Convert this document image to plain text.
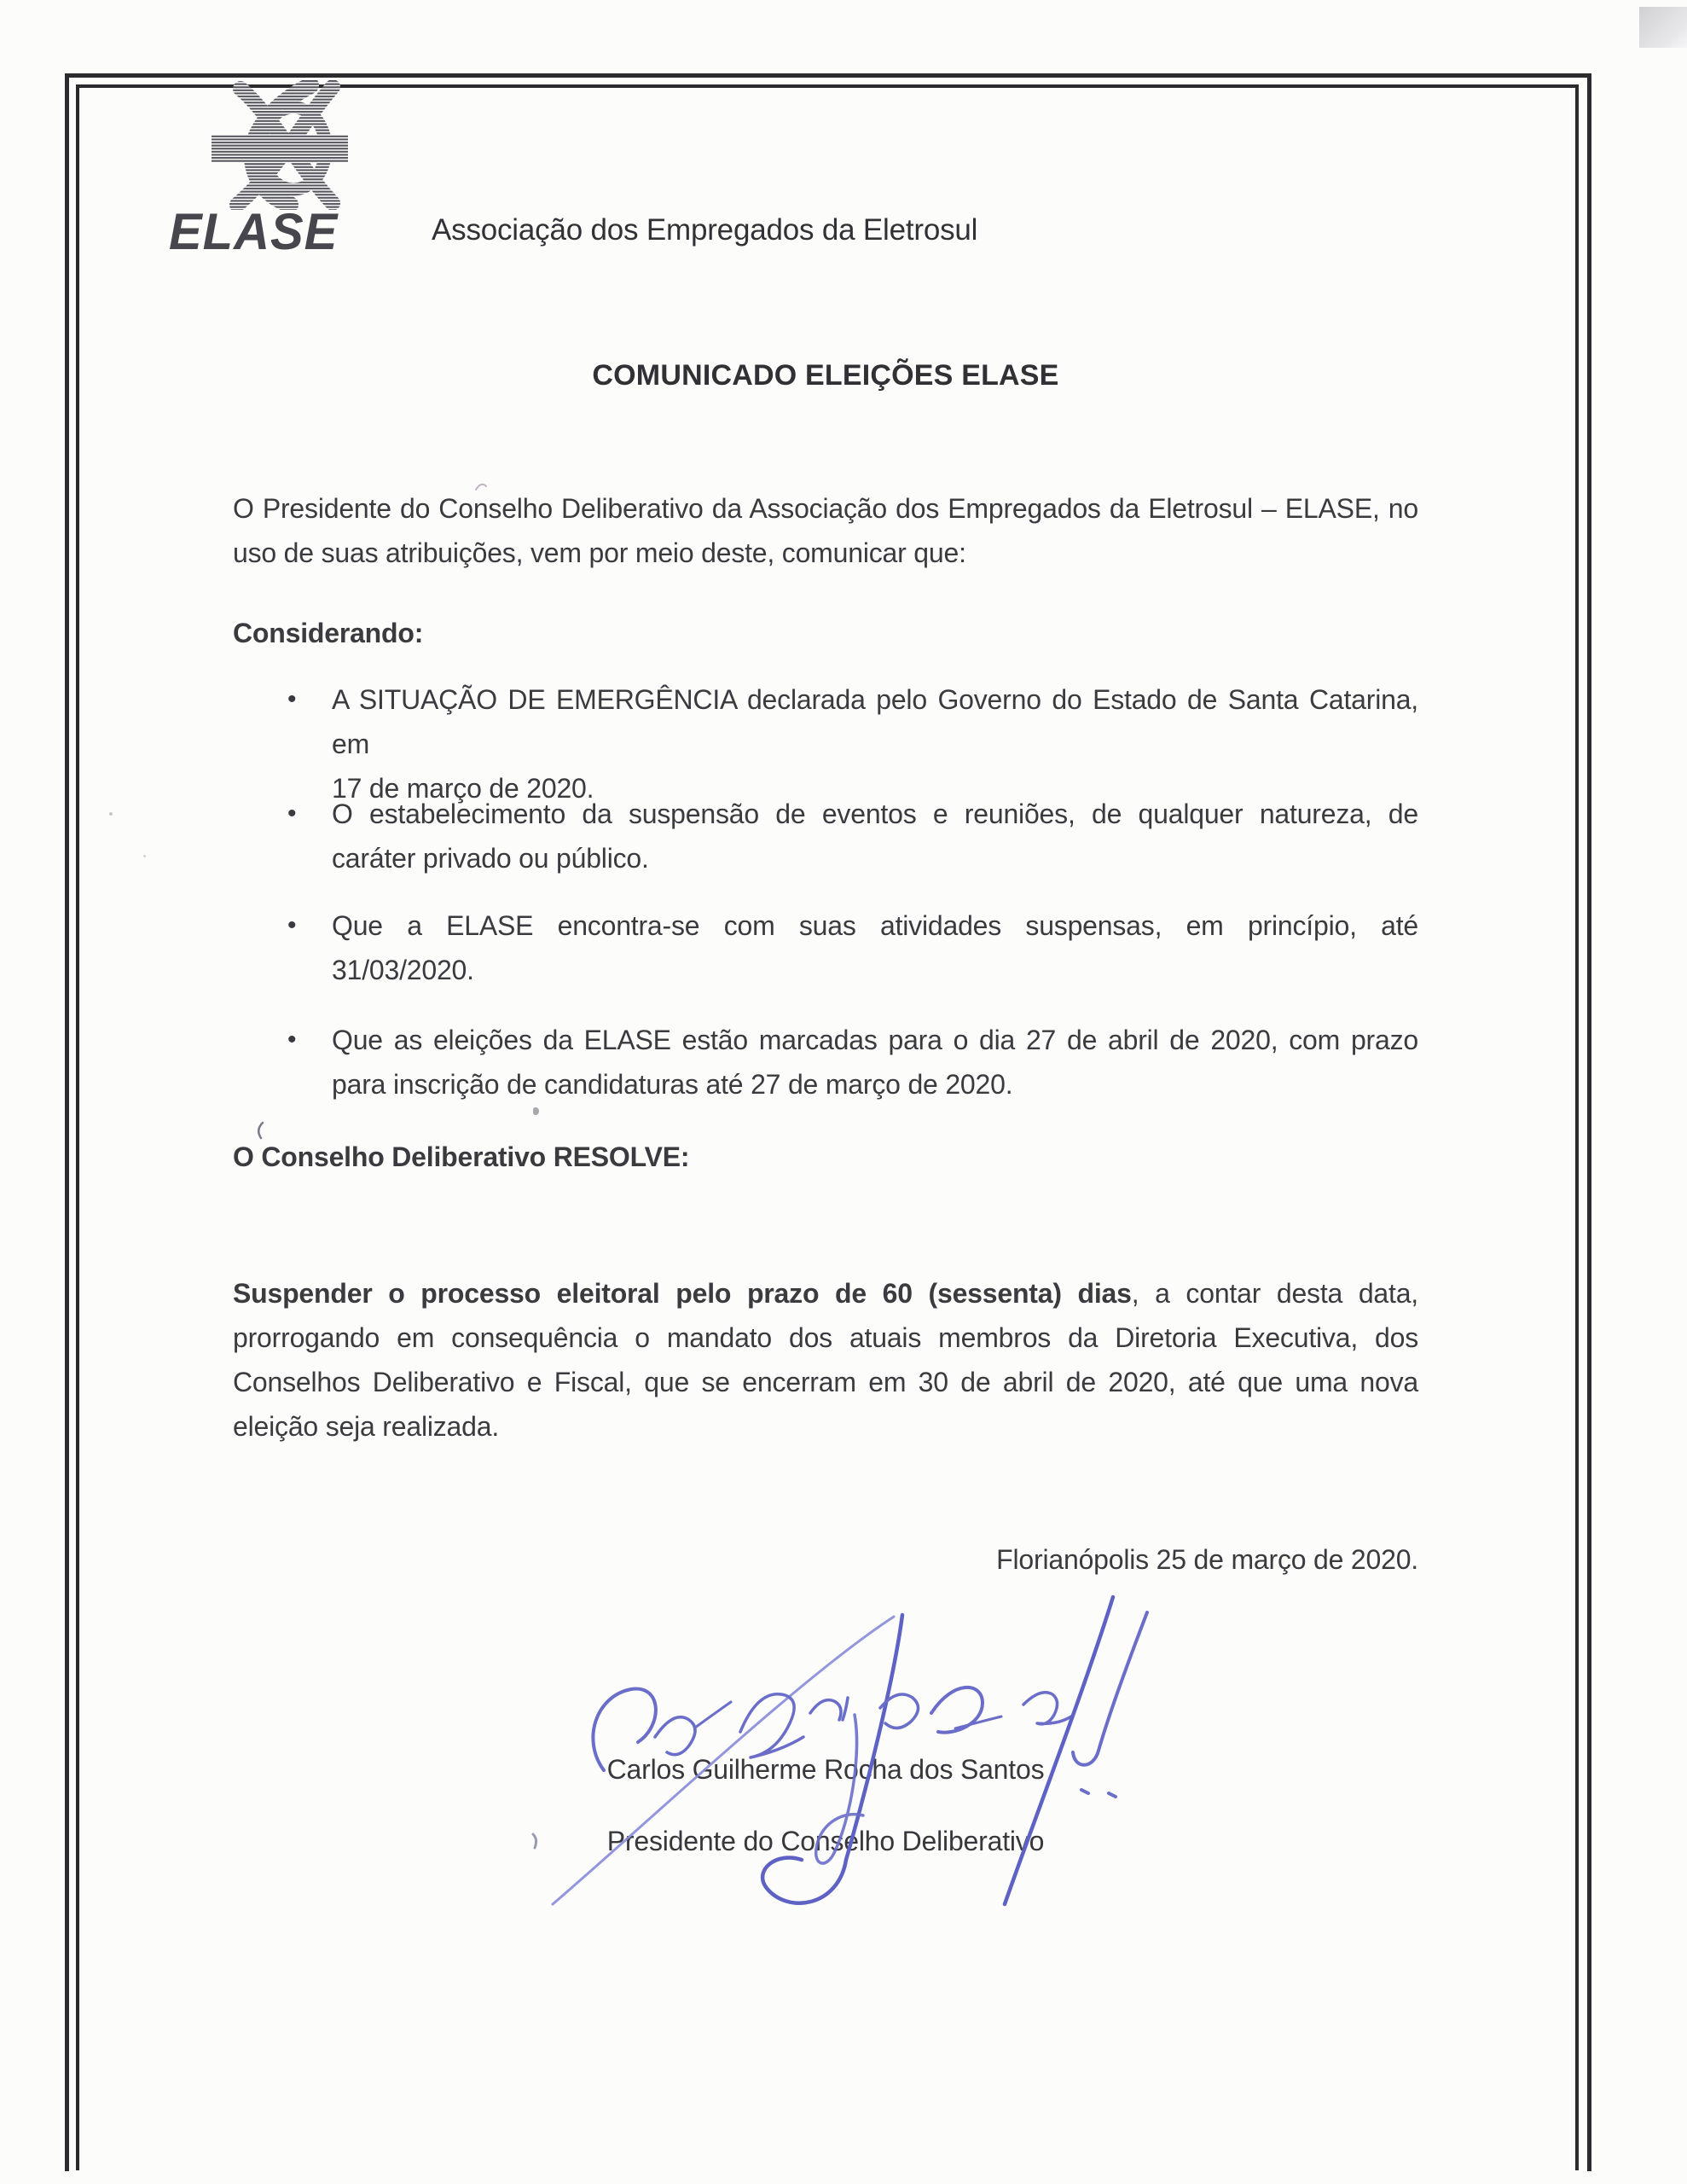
ELASE	Associação dos Empregados da Eletrosul
COMUNICADO ELEIÇÕES ELASE
O Presidente do Conselho Deliberativo da Associação dos Empregados da Eletrosul – ELASE, no
uso de suas atribuições, vem por meio deste, comunicar que:
Considerando:
• A SITUAÇÃO DE EMERGÊNCIA declarada pelo Governo do Estado de Santa Catarina, em
17 de março de 2020.
• O estabelecimento da suspensão de eventos e reuniões, de qualquer natureza, de
caráter privado ou público.
• Que a ELASE encontra-se com suas atividades suspensas, em princípio, até
31/03/2020.
• Que as eleições da ELASE estão marcadas para o dia 27 de abril de 2020, com prazo
para inscrição de candidaturas até 27 de março de 2020.
O Conselho Deliberativo RESOLVE:
Suspender o processo eleitoral pelo prazo de 60 (sessenta) dias, a contar desta data,
prorrogando em consequência o mandato dos atuais membros da Diretoria Executiva, dos
Conselhos Deliberativo e Fiscal, que se encerram em 30 de abril de 2020, até que uma nova
eleição seja realizada.
Florianópolis 25 de março de 2020.
Carlos Guilherme Rocha dos Santos
Presidente do Conselho Deliberativo
